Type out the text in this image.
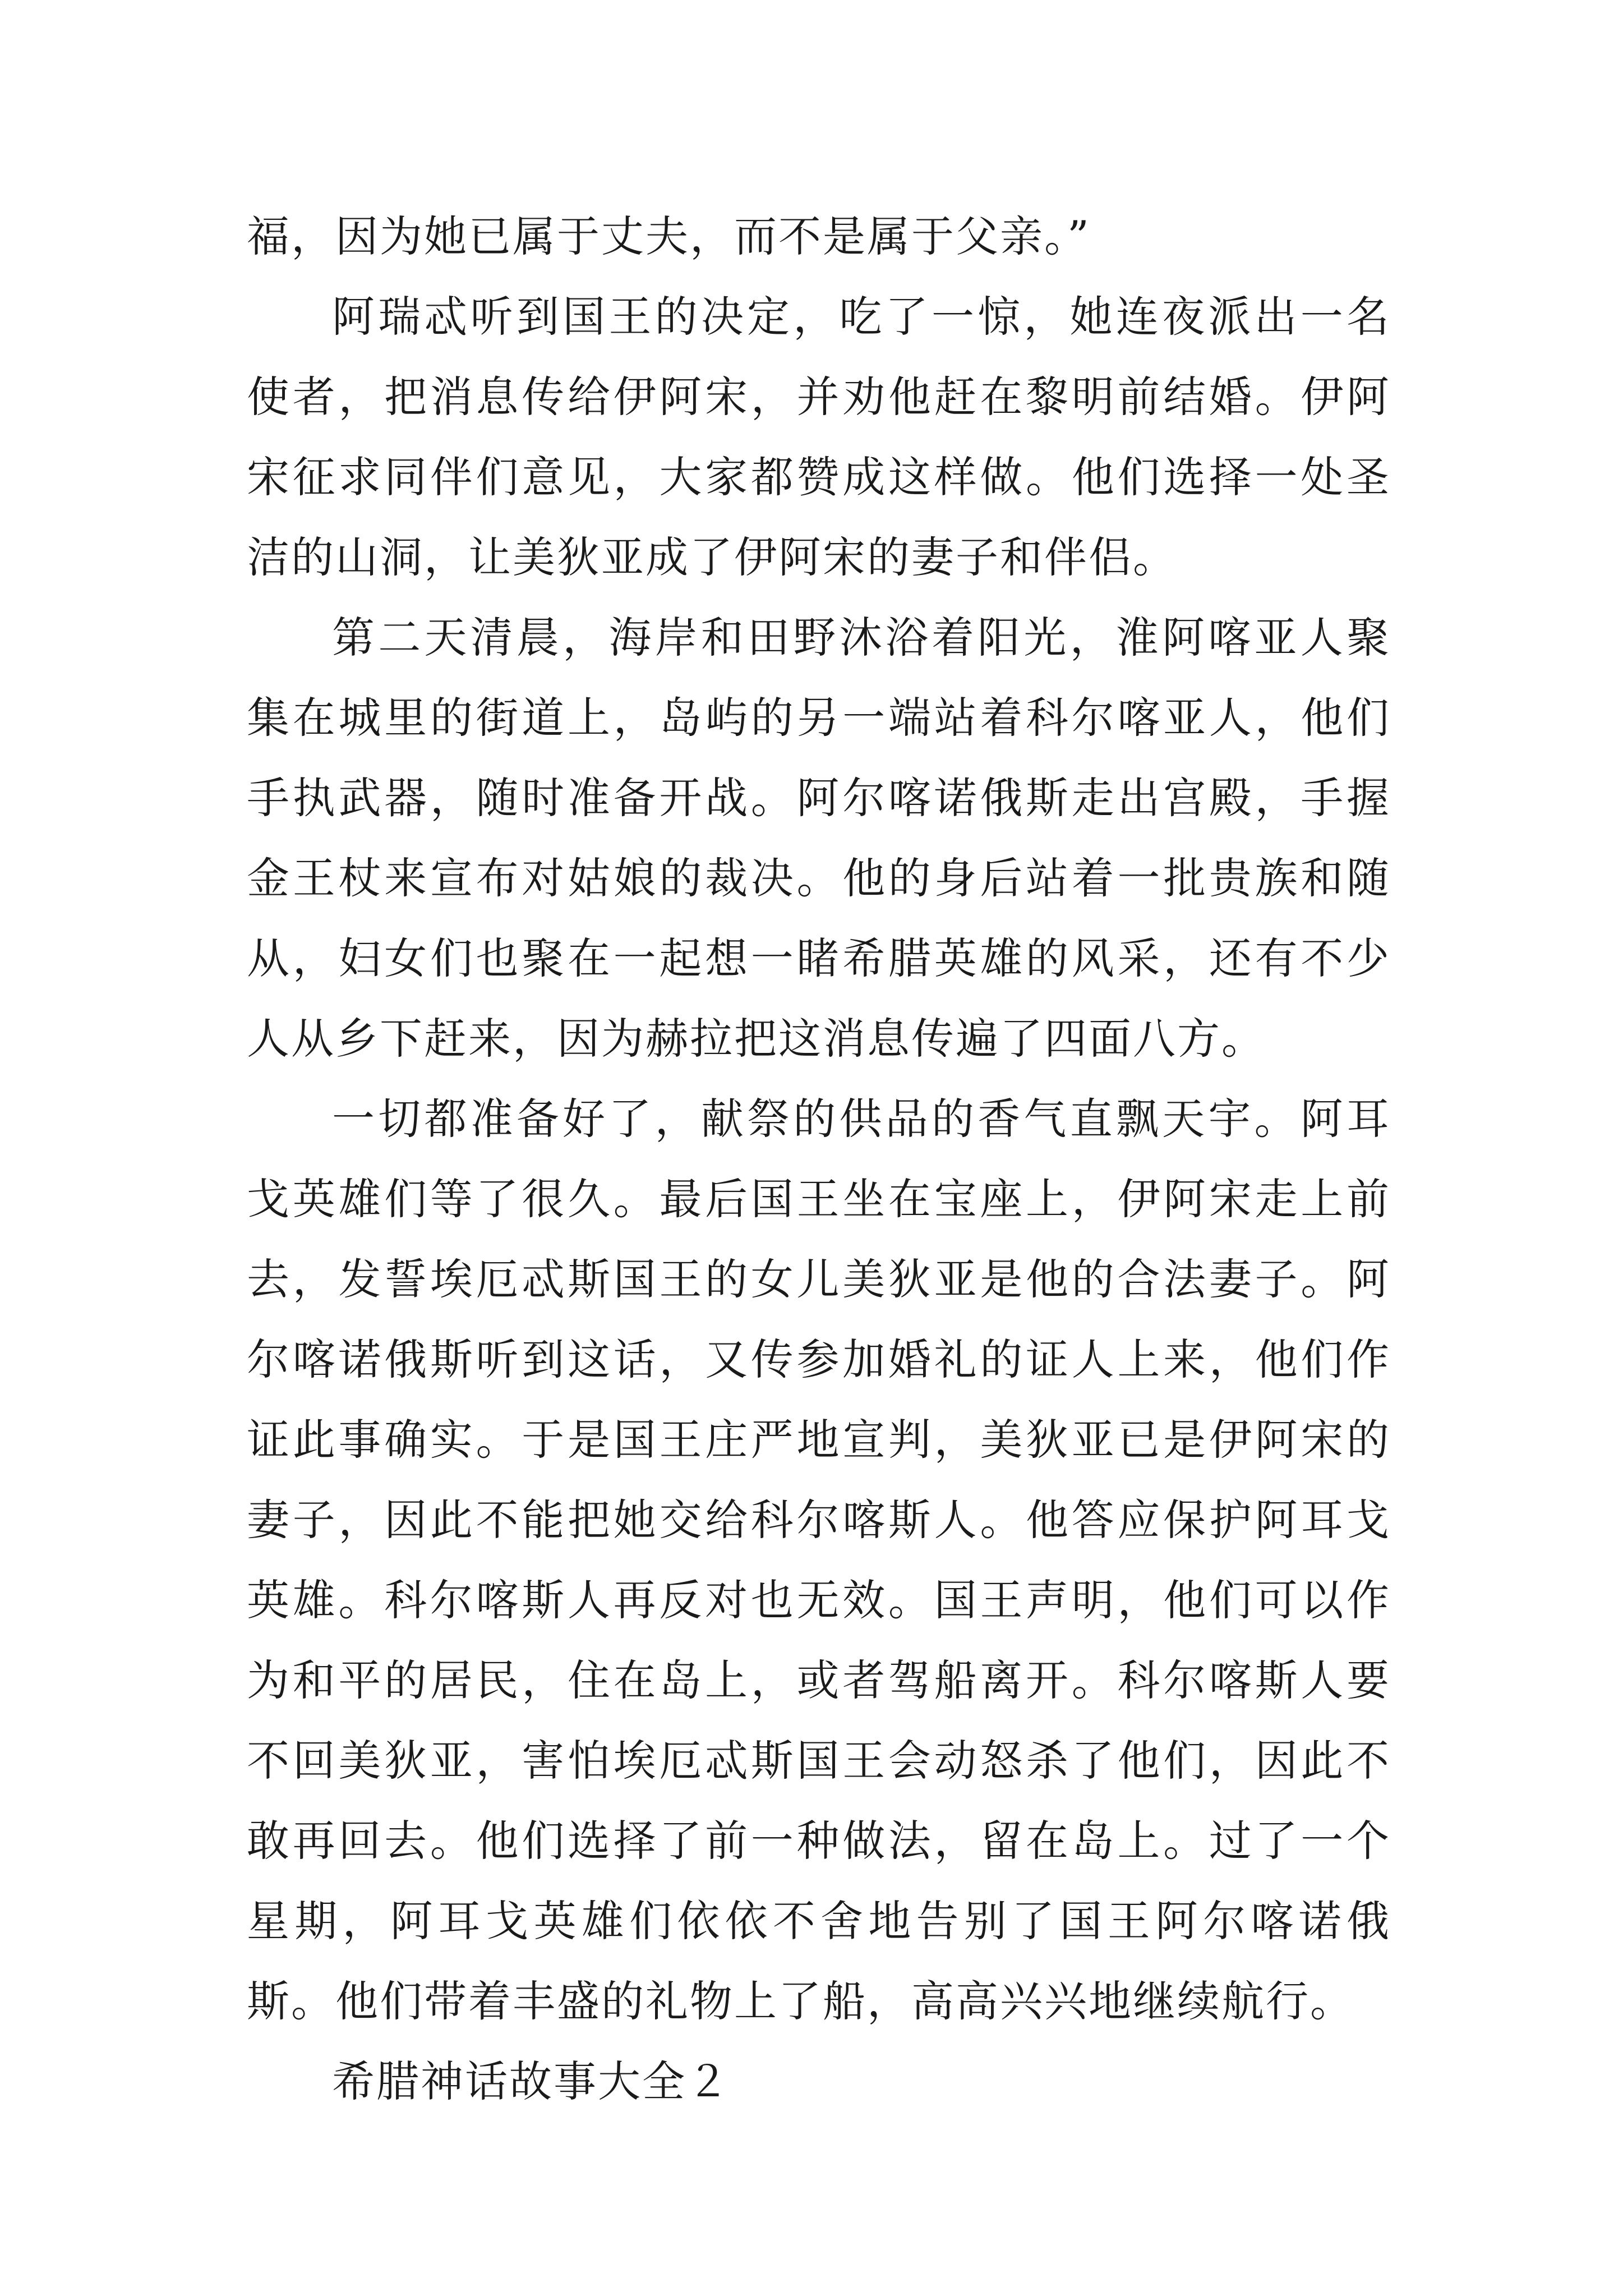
福，因为她已属于丈夫，而不是属于父亲。”

阿瑞忒听到国王的决定，吃了一惊，她连夜派出一名使者，把消息传给伊阿宋，并劝他赶在黎明前结婚。伊阿宋征求同伴们意见，大家都赞成这样做。他们选择一处圣洁的山洞，让美狄亚成了伊阿宋的妻子和伴侣。

第二天清晨，海岸和田野沐浴着阳光，淮阿喀亚人聚集在城里的街道上，岛屿的另一端站着科尔喀亚人，他们手执武器，随时准备开战。阿尔喀诺俄斯走出宫殿，手握金王杖来宣布对姑娘的裁决。他的身后站着一批贵族和随从，妇女们也聚在一起想一睹希腊英雄的风采，还有不少人从乡下赶来，因为赫拉把这消息传遍了四面八方。

一切都准备好了，献祭的供品的香气直飘天宇。阿耳戈英雄们等了很久。最后国王坐在宝座上，伊阿宋走上前去，发誓埃厄忒斯国王的女儿美狄亚是他的合法妻子。阿尔喀诺俄斯听到这话，又传参加婚礼的证人上来，他们作证此事确实。于是国王庄严地宣判，美狄亚已是伊阿宋的妻子，因此不能把她交给科尔喀斯人。他答应保护阿耳戈英雄。科尔喀斯人再反对也无效。国王声明，他们可以作为和平的居民，住在岛上，或者驾船离开。科尔喀斯人要不回美狄亚，害怕埃厄忒斯国王会动怒杀了他们，因此不敢再回去。他们选择了前一种做法，留在岛上。过了一个星期，阿耳戈英雄们依依不舍地告别了国王阿尔喀诺俄斯。他们带着丰盛的礼物上了船，高高兴兴地继续航行。

希腊神话故事大全２
